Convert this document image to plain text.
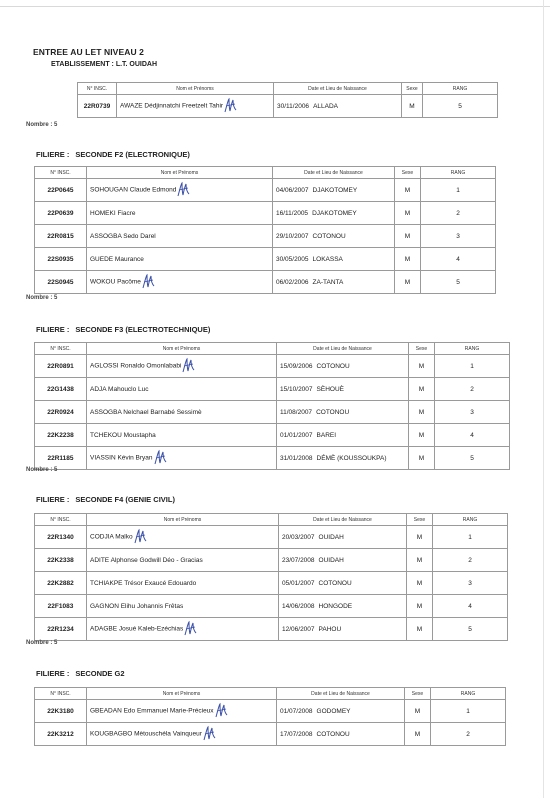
ENTREE AU LET NIVEAU 2
ETABLISSEMENT : L.T. OUIDAH
N° INSC.	Nom et Prénoms	Date et Lieu de Naissance	Sexe	RANG
22R0739	AWAZE Dédjinnatchi Freetzelt Tahir	30/11/2006 ALLADA	M	5
Nombre : 5
FILIERE : SECONDE F2 (ELECTRONIQUE)
N° INSC.	Nom et Prénoms	Date et Lieu de Naissance	Sexe	RANG
22P0645	SOHOUGAN Claude Edmond	04/06/2007 DJAKOTOMEY	M	1
22P0639	HOMEKI Fiacre	16/11/2005 DJAKOTOMEY	M	2
22R0815	ASSOGBA Sedo Darel	29/10/2007 COTONOU	M	3
22S0935	GUEDE Maurance	30/05/2005 LOKASSA	M	4
22S0945	WOKOU Pacôme	06/02/2006 ZA-TANTA	M	5
Nombre : 5
FILIERE : SECONDE F3 (ELECTROTECHNIQUE)
N° INSC.	Nom et Prénoms	Date et Lieu de Naissance	Sexe	RANG
22R0891	AGLOSSI Ronaldo Omonlababi	15/09/2006 COTONOU	M	1
22G1438	ADJA Mahouclo Luc	15/10/2007 SÈHOUÈ	M	2
22R0924	ASSOGBA Nelchael Barnabé Sessimè	11/08/2007 COTONOU	M	3
22K2238	TCHEKOU Moustapha	01/01/2007 BAREI	M	4
22R1185	VIASSIN Kévin Bryan	31/01/2008 DÉMÈ (KOUSSOUKPA)	M	5
Nombre : 5
FILIERE : SECONDE F4 (GENIE CIVIL)
N° INSC.	Nom et Prénoms	Date et Lieu de Naissance	Sexe	RANG
22R1340	CODJIA Malko	20/03/2007 OUIDAH	M	1
22K2338	ADITE Alphonse Godwill Déo - Gracias	23/07/2008 OUIDAH	M	2
22K2882	TCHIAKPE Trésor Exaucé Edouardo	05/01/2007 COTONOU	M	3
22F1083	GAGNON Elihu Johannis Frêtas	14/06/2008 HONGODE	M	4
22R1234	ADAGBE Josué Kaleb-Ezéchias	12/06/2007 PAHOU	M	5
Nombre : 5
FILIERE : SECONDE G2
N° INSC.	Nom et Prénoms	Date et Lieu de Naissance	Sexe	RANG
22K3180	GBEADAN Edo Emmanuel Marie-Précieux	01/07/2008 GODOMEY	M	1
22K3212	KOUGBAGBO Mètouschéla Vainqueur	17/07/2008 COTONOU	M	2
